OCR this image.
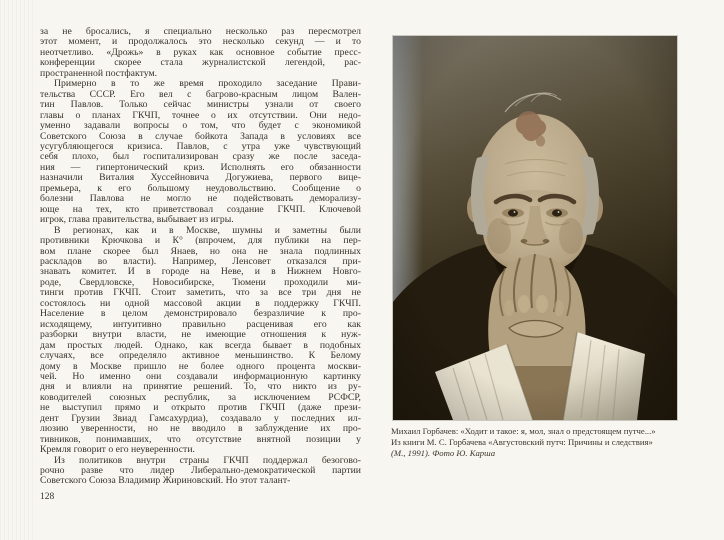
за не бросались, я специально несколько раз пересмотрел
этот момент, и продолжалось это несколько секунд — и то
неотчетливо. «Дрожь» в руках как основное событие пресс-
конференции скорее стала журналистской легендой, рас-
пространенной постфактум.
Примерно в то же время проходило заседание Прави-
тельства СССР. Его вел с багрово-красным лицом Вален-
тин Павлов. Только сейчас министры узнали от своего
главы о планах ГКЧП, точнее о их отсутствии. Они недо-
уменно задавали вопросы о том, что будет с экономикой
Советского Союза в случае бойкота Запада в условиях все
усугубляющегося кризиса. Павлов, с утра уже чувствующий
себя плохо, был госпитализирован сразу же после заседа-
ния — гипертонический криз. Исполнять его обязанности
назначили Виталия Хуссейновича Догужиева, первого вице-
премьера, к его большому неудовольствию. Сообщение о
болезни Павлова не могло не подействовать деморализу-
юще на тех, кто приветствовал создание ГКЧП. Ключевой
игрок, глава правительства, выбывает из игры.
В регионах, как и в Москве, шумны и заметны были
противники Крючкова и К° (впрочем, для публики на пер-
вом плане скорее был Янаев, но она не знала подлинных
раскладов во власти). Например, Ленсовет отказался при-
знавать комитет. И в городе на Неве, и в Нижнем Новго-
роде, Свердловске, Новосибирске, Тюмени проходили ми-
тинги против ГКЧП. Стоит заметить, что за все три дня не
состоялось ни одной массовой акции в поддержку ГКЧП.
Население в целом демонстрировало безразличие к про-
исходящему, интуитивно правильно расценивая его как
разборки внутри власти, не имеющие отношения к нуж-
дам простых людей. Однако, как всегда бывает в подобных
случаях, все определяло активное меньшинство. К Белому
дому в Москве пришло не более одного процента москви-
чей. Но именно они создавали информационную картинку
дня и влияли на принятие решений. То, что никто из ру-
ководителей союзных республик, за исключением РСФСР,
не выступил прямо и открыто против ГКЧП (даже прези-
дент Грузии Звиад Гамсахурдиа), создавало у последних ил-
люзию уверенности, но не вводило в заблуждение их про-
тивников, понимавших, что отсутствие внятной позиции у
Кремля говорит о его неуверенности.
Из политиков внутри страны ГКЧП поддержал безогово-
рочно разве что лидер Либерально-демократической партии
Советского Союза Владимир Жириновский. Но этот талант-
128
Михаил Горбачев: «Ходит и такое: я, мол, знал о предстоящем путче...»
Из книги М. С. Горбачева «Августовский путч: Причины и следствия»
(М., 1991). Фото Ю. Карша
